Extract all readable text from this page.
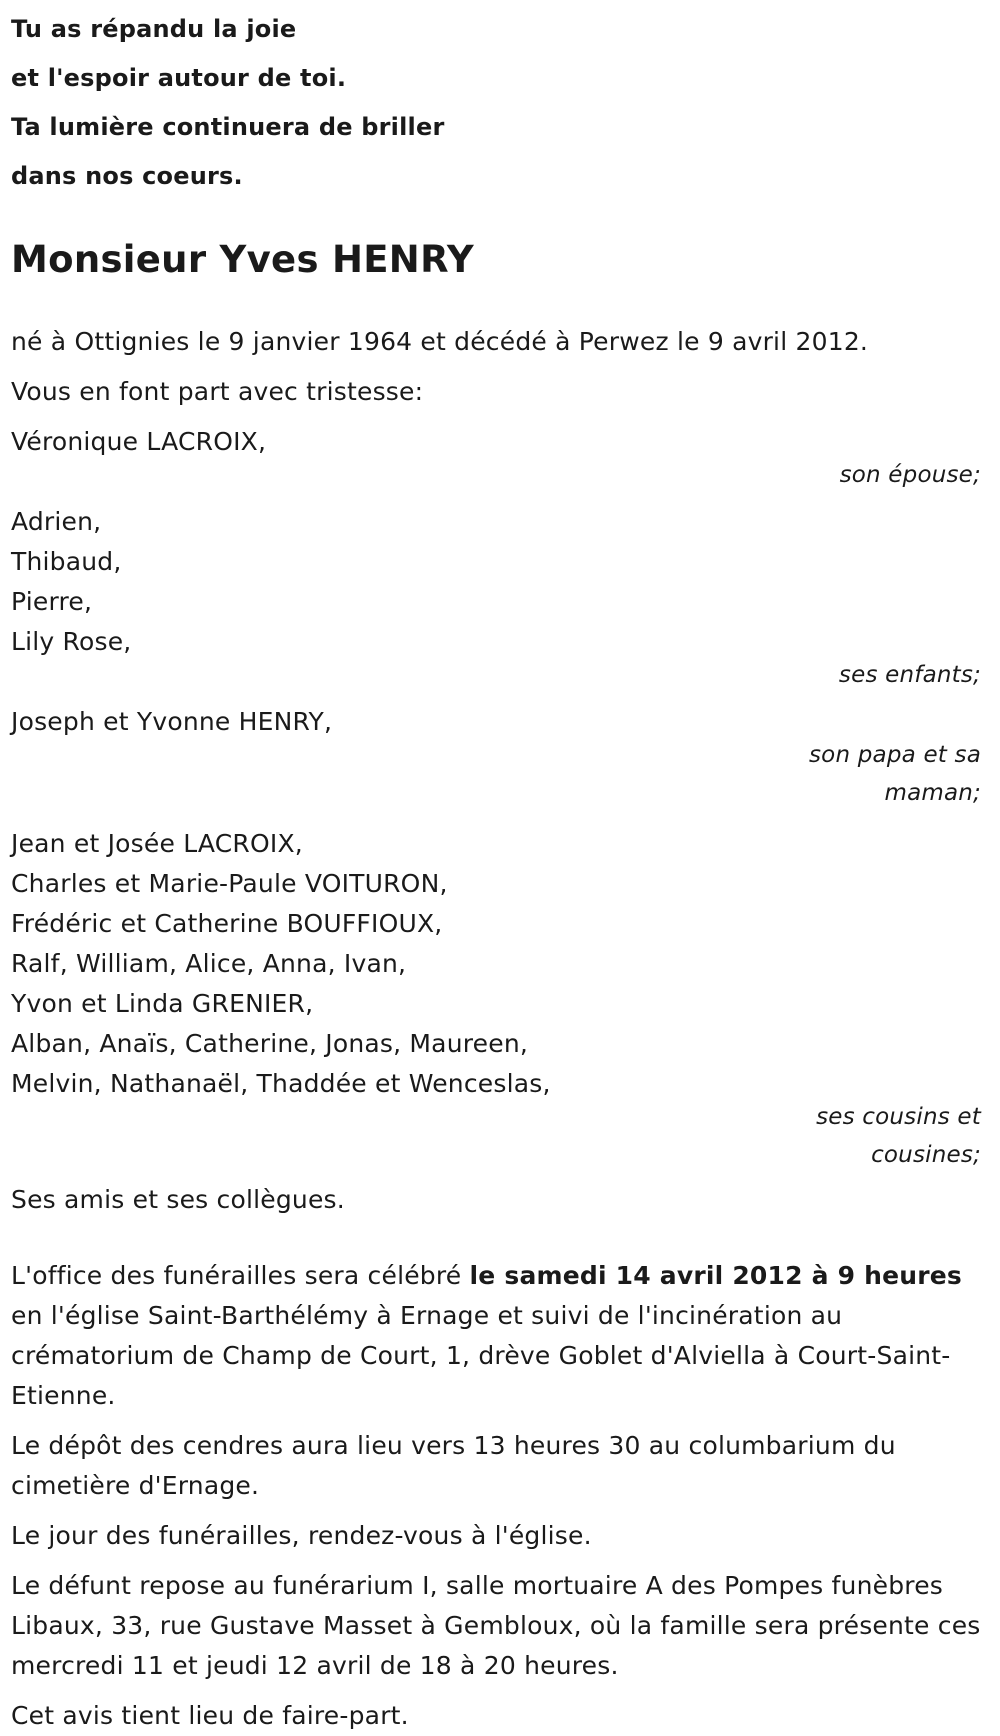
Tu as répandu la joie
et l'espoir autour de toi.
Ta lumière continuera de briller
dans nos coeurs.
Monsieur Yves HENRY
né à Ottignies le 9 janvier 1964 et décédé à Perwez le 9 avril 2012.
Vous en font part avec tristesse:
Véronique LACROIX,
son épouse;
Adrien,
Thibaud,
Pierre,
Lily Rose,
ses enfants;
Joseph et Yvonne HENRY,
son papa et sa
maman;
Jean et Josée LACROIX,
Charles et Marie-Paule VOITURON,
Frédéric et Catherine BOUFFIOUX,
Ralf, William, Alice, Anna, Ivan,
Yvon et Linda GRENIER,
Alban, Anaïs, Catherine, Jonas, Maureen,
Melvin, Nathanaël, Thaddée et Wenceslas,
ses cousins et
cousines;
Ses amis et ses collègues.
L'office des funérailles sera célébré le samedi 14 avril 2012 à 9 heures en l'église Saint-Barthélémy à Ernage et suivi de l'incinération au crématorium de Champ de Court, 1, drève Goblet d'Alviella à Court-Saint-Etienne.
Le dépôt des cendres aura lieu vers 13 heures 30 au columbarium du cimetière d'Ernage.
Le jour des funérailles, rendez-vous à l'église.
Le défunt repose au funérarium I, salle mortuaire A des Pompes funèbres Libaux, 33, rue Gustave Masset à Gembloux, où la famille sera présente ces mercredi 11 et jeudi 12 avril de 18 à 20 heures.
Cet avis tient lieu de faire-part.
